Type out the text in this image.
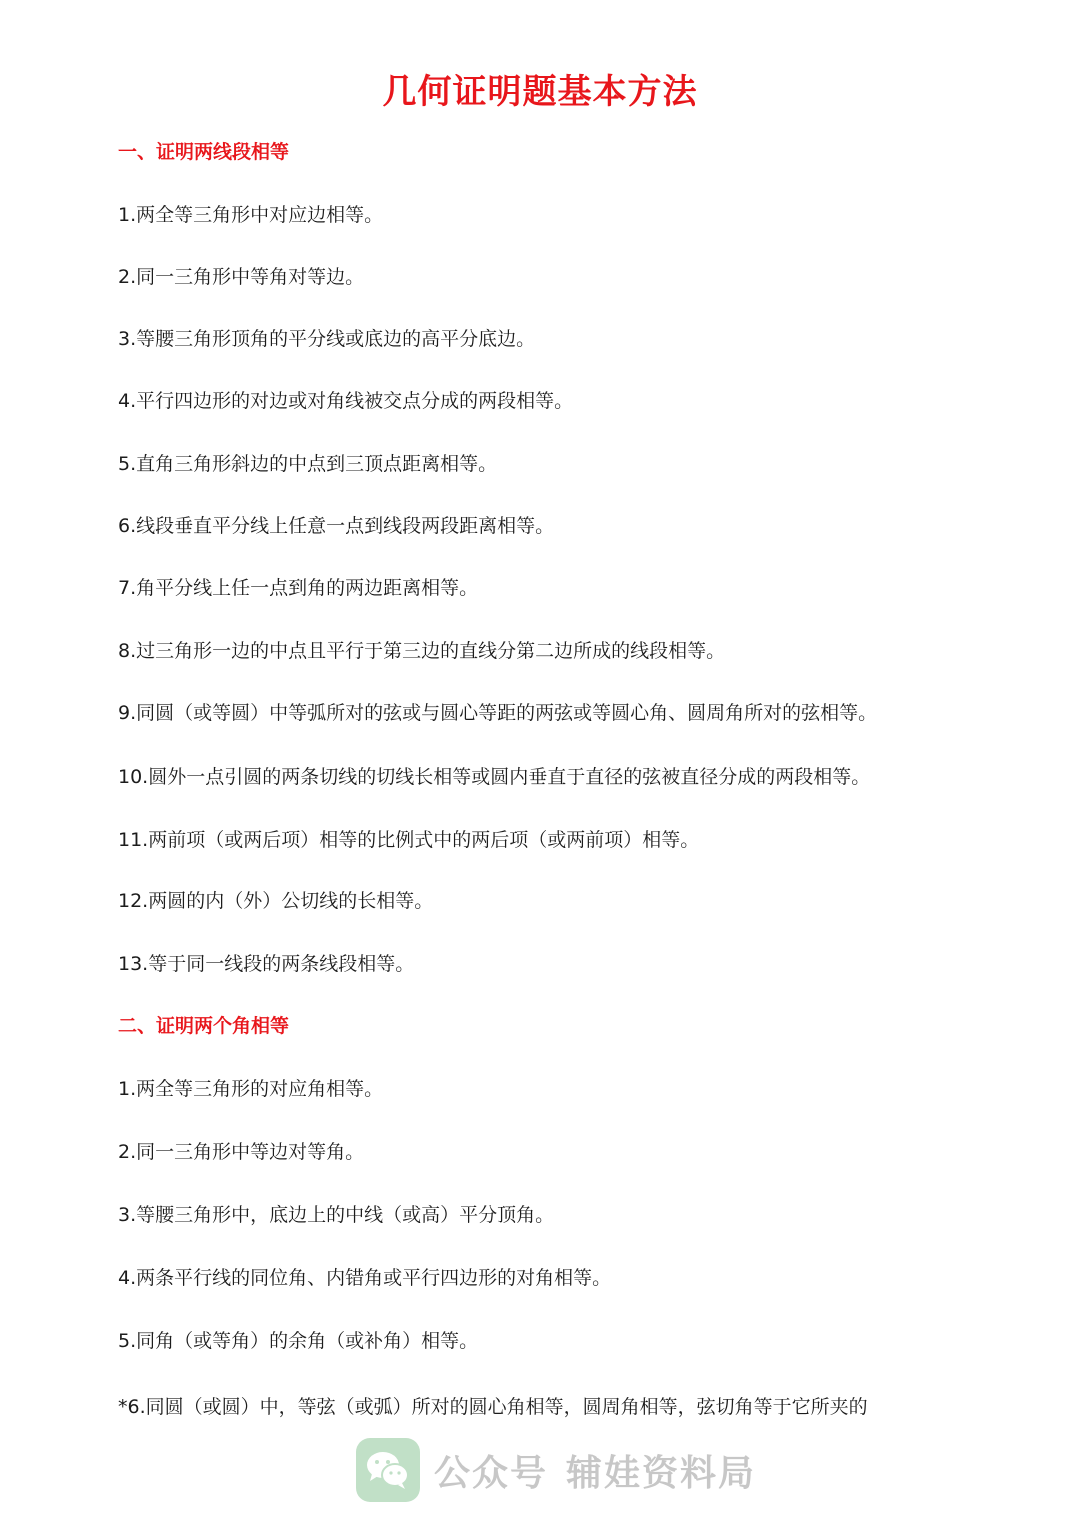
几何证明题基本方法
一、证明两线段相等

1.两全等三角形中对应边相等。

2.同一三角形中等角对等边。

3.等腰三角形顶角的平分线或底边的高平分底边。

4.平行四边形的对边或对角线被交点分成的两段相等。

5.直角三角形斜边的中点到三顶点距离相等。

6.线段垂直平分线上任意一点到线段两段距离相等。

7.角平分线上任一点到角的两边距离相等。

8.过三角形一边的中点且平行于第三边的直线分第二边所成的线段相等。

9.同圆（或等圆）中等弧所对的弦或与圆心等距的两弦或等圆心角、圆周角所对的弦相等。

10.圆外一点引圆的两条切线的切线长相等或圆内垂直于直径的弦被直径分成的两段相等。

11.两前项（或两后项）相等的比例式中的两后项（或两前项）相等。

12.两圆的内（外）公切线的长相等。

13.等于同一线段的两条线段相等。

二、证明两个角相等

1.两全等三角形的对应角相等。

2.同一三角形中等边对等角。

3.等腰三角形中，底边上的中线（或高）平分顶角。

4.两条平行线的同位角、内错角或平行四边形的对角相等。

5.同角（或等角）的余角（或补角）相等。

*6.同圆（或圆）中，等弦（或弧）所对的圆心角相等，圆周角相等，弦切角等于它所夹的

公众号 辅娃资料局
